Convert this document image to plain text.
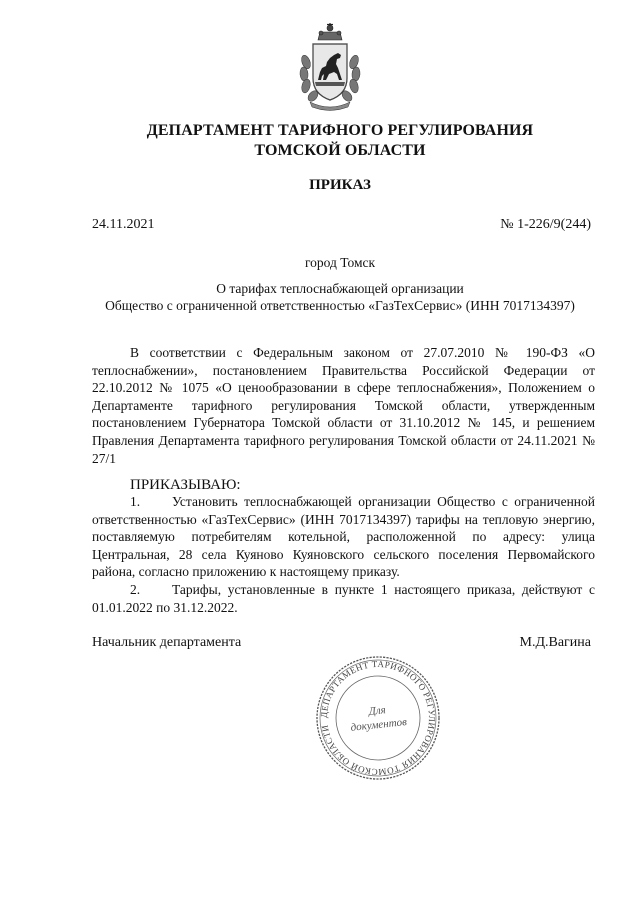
ДЕПАРТАМЕНТ ТАРИФНОГО РЕГУЛИРОВАНИЯ
ТОМСКОЙ ОБЛАСТИ
ПРИКАЗ
24.11.2021	№ 1-226/9(244)
город Томск
О тарифах теплоснабжающей организации
Общество с ограниченной ответственностью «ГазТехСервис» (ИНН 7017134397)
В соответствии с Федеральным законом от 27.07.2010 № 190-ФЗ «О теплоснабжении», постановлением Правительства Российской Федерации от 22.10.2012 № 1075 «О ценообразовании в сфере теплоснабжения», Положением о Департаменте тарифного регулирования Томской области, утвержденным постановлением Губернатора Томской области от 31.10.2012 № 145, и решением Правления Департамента тарифного регулирования Томской области от 24.11.2021 № 27/1
ПРИКАЗЫВАЮ:

1. Установить теплоснабжающей организации Общество с ограниченной ответственностью «ГазТехСервис» (ИНН 7017134397) тарифы на тепловую энергию, поставляемую потребителям котельной, расположенной по адресу: улица Центральная, 28 села Куяново Куяновского сельского поселения Первомайского района, согласно приложению к настоящему приказу.

2. Тарифы, установленные в пункте 1 настоящего приказа, действуют с 01.01.2022 по 31.12.2022.

Начальник департамента	М.Д.Вагина
ДЕПАРТАМЕНТ ТАРИФНОГО РЕГУЛИРОВАНИЯ ТОМСКОЙ ОБЛАСТИ
Для
документов
